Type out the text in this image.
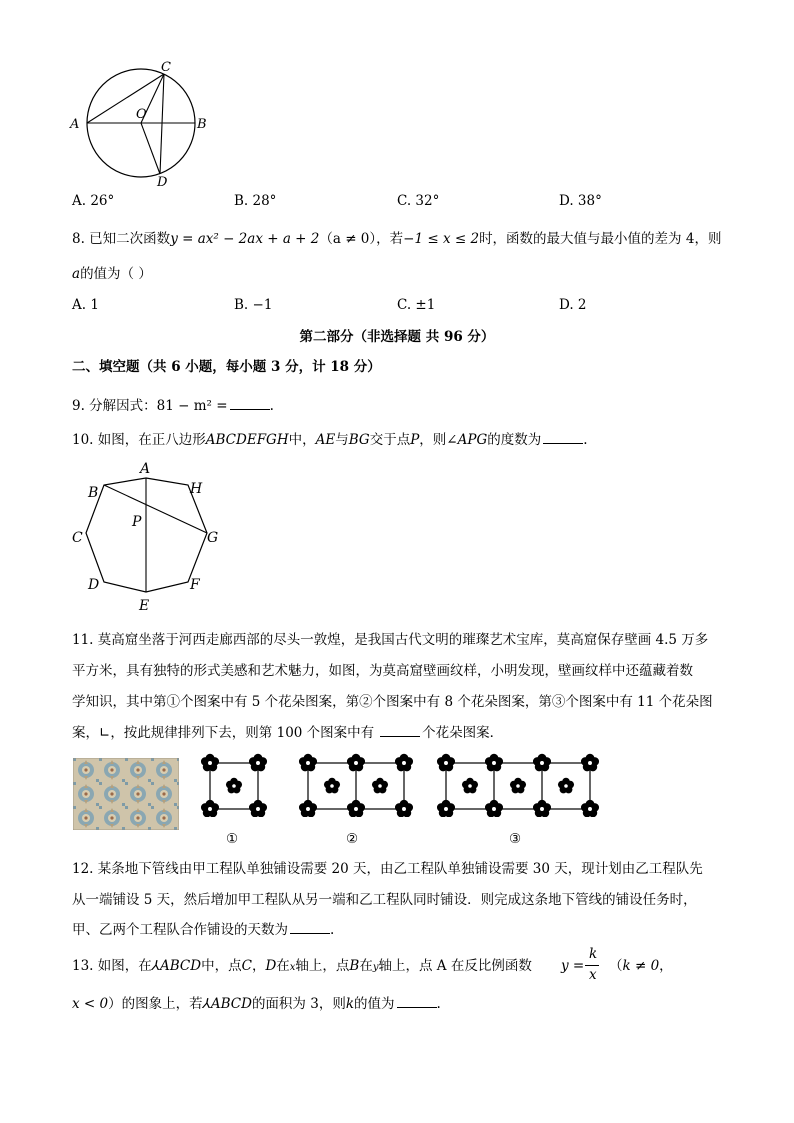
A	B
C
D
O
A. 26°	B. 28°	C. 32°	D. 38°
8. 已知二次函数y = ax² − 2ax + a + 2（a ≠ 0），若−1 ≤ x ≤ 2时，函数的最大值与最小值的差为 4，则
a的值为（ ）
A. 1	B. −1	C. ±1	D. 2
第二部分（非选择题 共 96 分）
二、填空题（共 6 小题，每小题 3 分，计 18 分）
9. 分解因式：81 − m² =	.
10. 如图，在正八边形ABCDEFGH中，AE与BG交于点P，则∠APG的度数为	.
A
B
C
D
E
F
G
H
P
11. 莫高窟坐落于河西走廊西部的尽头一敦煌，是我国古代文明的璀璨艺术宝库，莫高窟保存壁画 4.5 万多
平方米，具有独特的形式美感和艺术魅力，如图，为莫高窟壁画纹样，小明发现，壁画纹样中还蕴藏着数
学知识，其中第①个图案中有 5 个花朵图案，第②个图案中有 8 个花朵图案，第③个图案中有 11 个花朵图
案，∟，按此规律排列下去，则第 100 个图案中有	个花朵图案．
①	②	③
12. 某条地下管线由甲工程队单独铺设需要 20 天，由乙工程队单独铺设需要 30 天，现计划由乙工程队先
从一端铺设 5 天，然后增加甲工程队从另一端和乙工程队同时铺设．则完成这条地下管线的铺设任务时，
甲、乙两个工程队合作铺设的天数为	.
13. 如图，在⅄ABCD中，点C，D在x轴上，点B在y轴上，点 A 在反比例函数 y =
k
x
（k ≠ 0，
x < 0）的图象上，若⅄ABCD的面积为 3，则k的值为	.
